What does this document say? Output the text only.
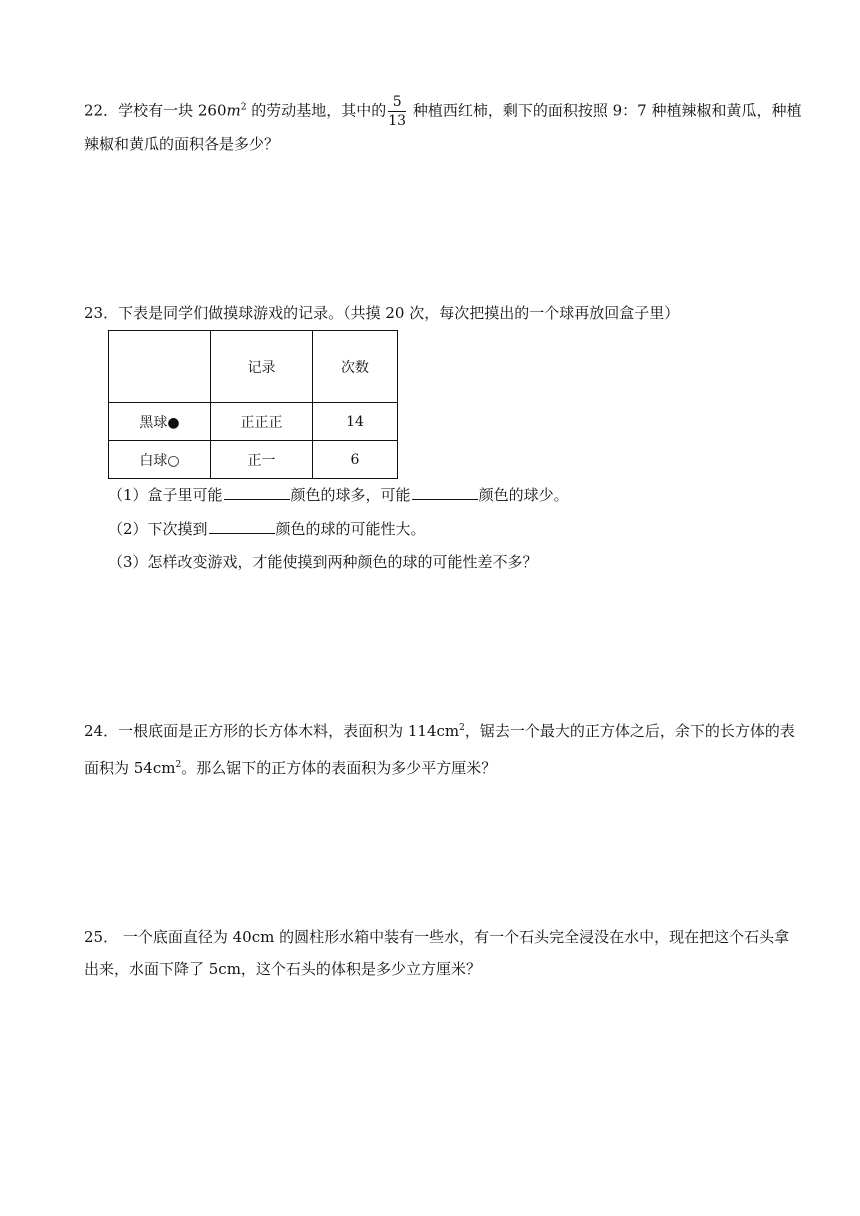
22．学校有一块 $260m^2$ 的劳动基地，其中的 $\frac{5}{13}$ 种植西红柿，剩下的面积按照 9：7 种植辣椒和黄瓜，种植
辣椒和黄瓜的面积各是多少？
23．下表是同学们做摸球游戏的记录。（共摸 20 次，每次把摸出的一个球再放回盒子里）
	记录	次数
黑球●	正正正	14
白球○	正一	6
（1）盒子里可能	颜色的球多，可能	颜色的球少。
（2）下次摸到	颜色的球的可能性大。
（3）怎样改变游戏，才能使摸到两种颜色的球的可能性差不多？
24．一根底面是正方形的长方体木料，表面积为 $114cm^2$，锯去一个最大的正方体之后，余下的长方体的表
面积为 $54cm^2$。那么锯下的正方体的表面积为多少平方厘米？
25． 一个底面直径为 40cm 的圆柱形水箱中装有一些水，有一个石头完全浸没在水中，现在把这个石头拿
出来，水面下降了 5cm，这个石头的体积是多少立方厘米？
